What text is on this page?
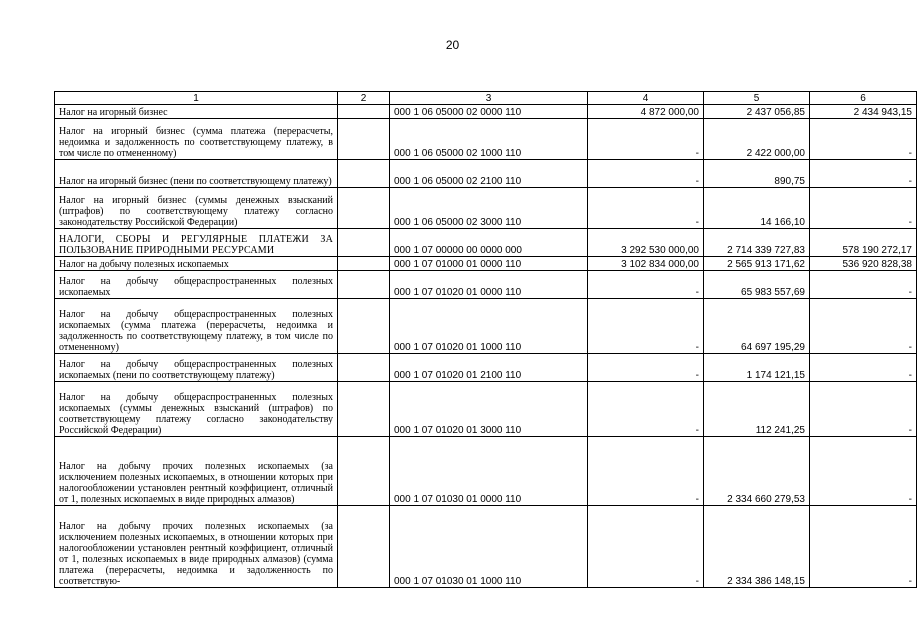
20
1	2	3	4	5	6
Налог на игорный бизнес		000 1 06 05000 02 0000 110	4 872 000,00	2 437 056,85	2 434 943,15
Налог на игорный бизнес (сумма платежа (перерасчеты, недоимка и задолженность по соответствующему платежу, в том числе по отмененному)		000 1 06 05000 02 1000 110	-	2 422 000,00	-
Налог на игорный бизнес (пени по соответствующему платежу)		000 1 06 05000 02 2100 110	-	890,75	-
Налог на игорный бизнес (суммы денежных взысканий (штрафов) по соответствующему платежу согласно законодательству Российской Федерации)		000 1 06 05000 02 3000 110	-	14 166,10	-
НАЛОГИ, СБОРЫ И РЕГУЛЯРНЫЕ ПЛАТЕЖИ ЗА ПОЛЬЗОВАНИЕ ПРИРОДНЫМИ РЕСУРСАМИ		000 1 07 00000 00 0000 000	3 292 530 000,00	2 714 339 727,83	578 190 272,17
Налог на добычу полезных ископаемых		000 1 07 01000 01 0000 110	3 102 834 000,00	2 565 913 171,62	536 920 828,38
Налог на добычу общераспространенных полезных ископаемых		000 1 07 01020 01 0000 110	-	65 983 557,69	-
Налог на добычу общераспространенных полезных ископаемых (сумма платежа (перерасчеты, недоимка и задолженность по соответствующему платежу, в том числе по отмененному)		000 1 07 01020 01 1000 110	-	64 697 195,29	-
Налог на добычу общераспространенных полезных ископаемых (пени по соответствующему платежу)		000 1 07 01020 01 2100 110	-	1 174 121,15	-
Налог на добычу общераспространенных полезных ископаемых (суммы денежных взысканий (штрафов) по соответствующему платежу согласно законодательству Российской Федерации)		000 1 07 01020 01 3000 110	-	112 241,25	-
Налог на добычу прочих полезных ископаемых (за исключением полезных ископаемых, в отношении которых при налогообложении установлен рентный коэффициент, отличный от 1, полезных ископаемых в виде природных алмазов)		000 1 07 01030 01 0000 110	-	2 334 660 279,53	-
Налог на добычу прочих полезных ископаемых (за исключением полезных ископаемых, в отношении которых при налогообложении установлен рентный коэффициент, отличный от 1, полезных ископаемых в виде природных алмазов) (сумма платежа (перерасчеты, недоимка и задолженность по соответствую-		000 1 07 01030 01 1000 110	-	2 334 386 148,15	-
